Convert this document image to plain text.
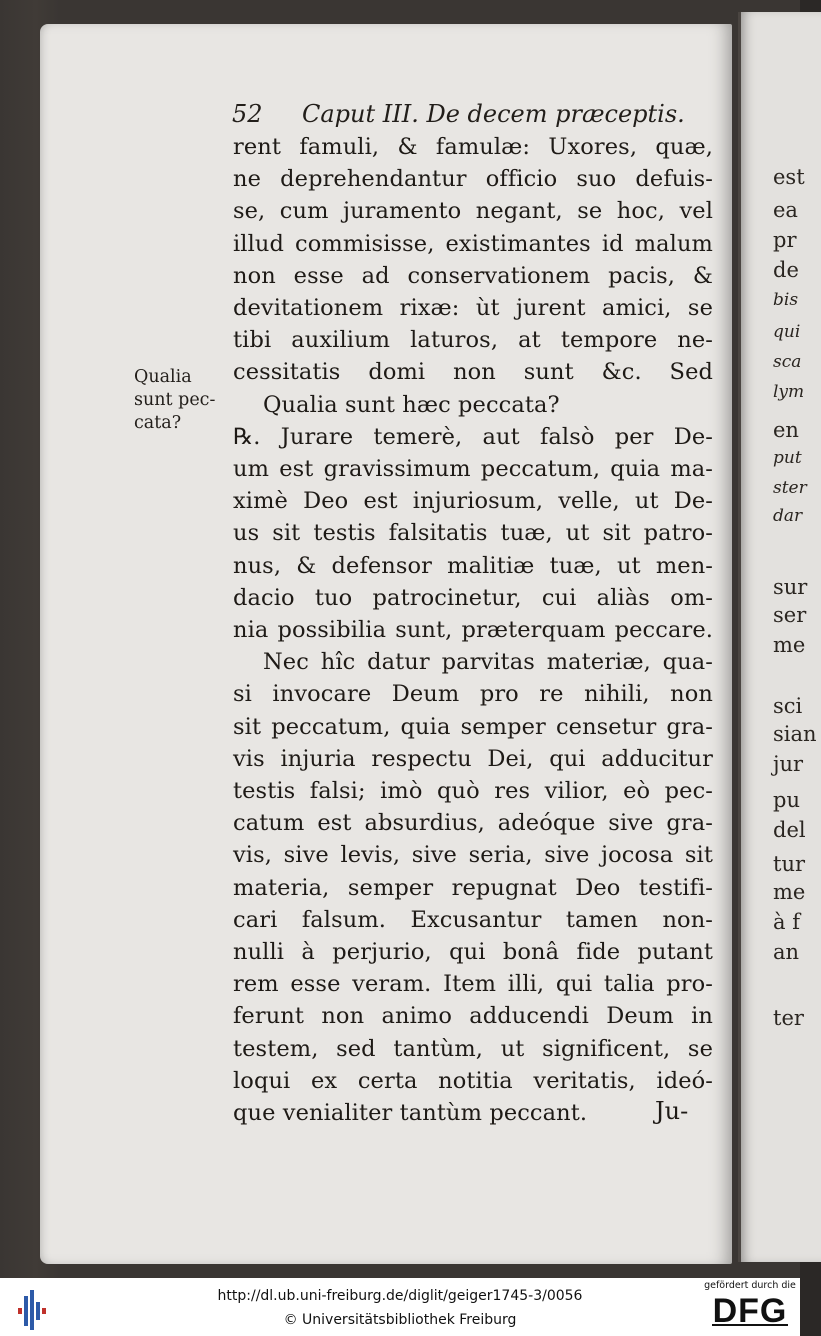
est
ea
pr
de
bis
qui
sca
lym
en
put
ster
dar
sur
ser
me
sci
sian
jur
pu
del
tur
me
à f
an
ter
52 Caput III. De decem præceptis.
Qualia
sunt pec-
cata?
rent famuli, & famulæ: Uxores, quæ,
ne deprehendantur officio suo defuis-
se, cum juramento negant, se hoc, vel
illud commisisse, existimantes id malum
non esse ad conservationem pacis, &
devitationem rixæ: ùt jurent amici, se
tibi auxilium laturos, at tempore ne-
cessitatis domi non sunt &c. Sed
Qualia sunt hæc peccata?
℞. Jurare temerè, aut falsò per De-
um est gravissimum peccatum, quia ma-
ximè Deo est injuriosum, velle, ut De-
us sit testis falsitatis tuæ, ut sit patro-
nus, & defensor malitiæ tuæ, ut men-
dacio tuo patrocinetur, cui aliàs om-
nia possibilia sunt, præterquam peccare.
Nec hîc datur parvitas materiæ, qua-
si invocare Deum pro re nihili, non
sit peccatum, quia semper censetur gra-
vis injuria respectu Dei, qui adducitur
testis falsi; imò quò res vilior, eò pec-
catum est absurdius, adeóque sive gra-
vis, sive levis, sive seria, sive jocosa sit
materia, semper repugnat Deo testifi-
cari falsum. Excusantur tamen non-
nulli à perjurio, qui bonâ fide putant
rem esse veram. Item illi, qui talia pro-
ferunt non animo adducendi Deum in
testem, sed tantùm, ut significent, se
loqui ex certa notitia veritatis, ideó-
que venialiter tantùm peccant.	Ju-
http://dl.ub.uni-freiburg.de/diglit/geiger1745-3/0056
© Universitätsbibliothek Freiburg
gefördert durch die
DFG
